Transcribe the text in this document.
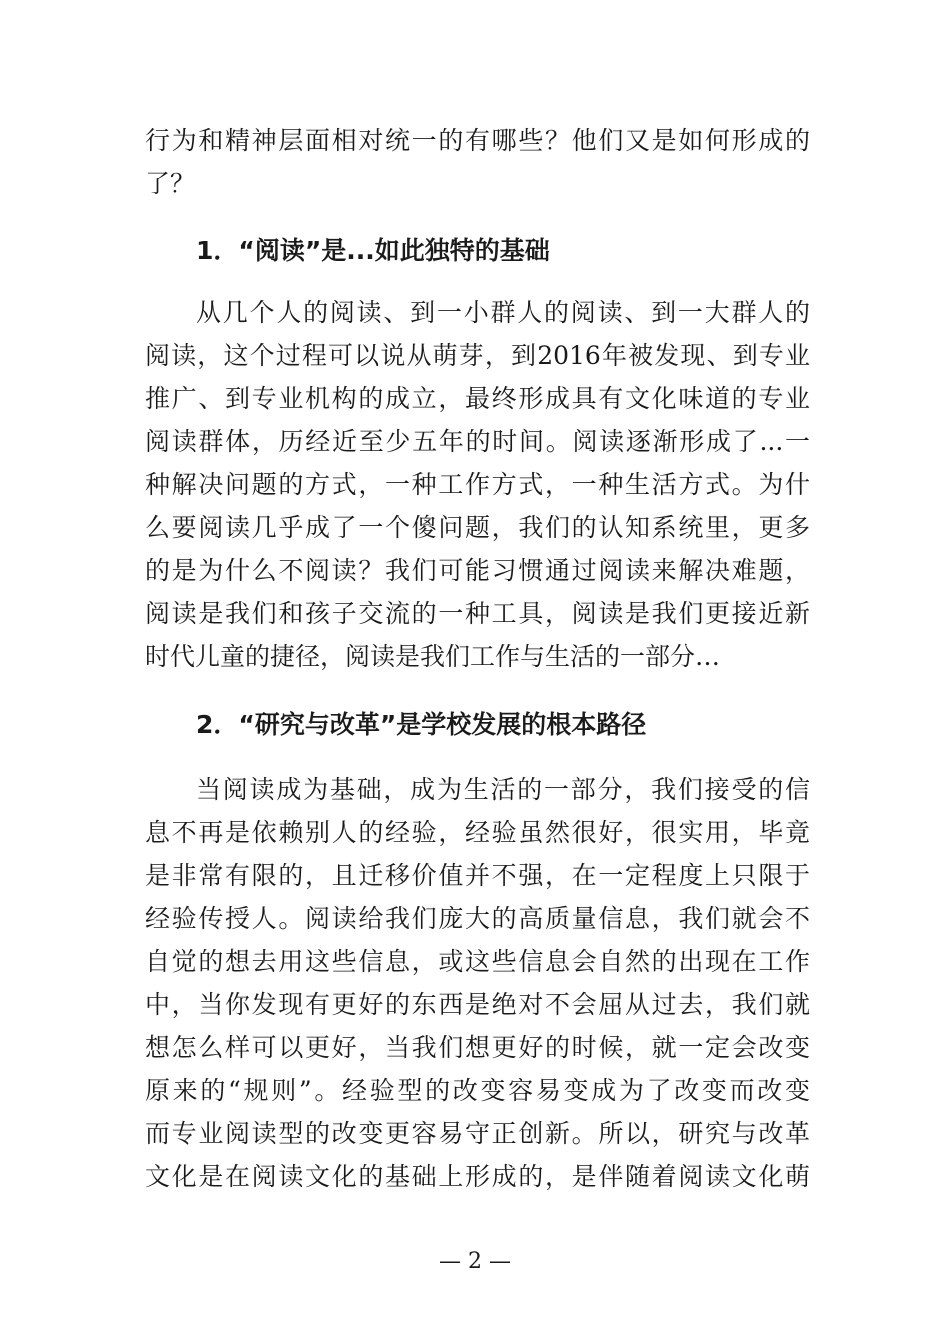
行为和精神层面相对统一的有哪些？他们又是如何形成的
了？
1．“阅读”是...如此独特的基础
从几个人的阅读、到一小群人的阅读、到一大群人的
阅读，这个过程可以说从萌芽，到2016年被发现、到专业
推广、到专业机构的成立，最终形成具有文化味道的专业
阅读群体，历经近至少五年的时间。阅读逐渐形成了...一
种解决问题的方式，一种工作方式，一种生活方式。为什
么要阅读几乎成了一个傻问题，我们的认知系统里，更多
的是为什么不阅读？我们可能习惯通过阅读来解决难题，
阅读是我们和孩子交流的一种工具，阅读是我们更接近新
时代儿童的捷径，阅读是我们工作与生活的一部分…
2．“研究与改革”是学校发展的根本路径
当阅读成为基础，成为生活的一部分，我们接受的信
息不再是依赖别人的经验，经验虽然很好，很实用，毕竟
是非常有限的，且迁移价值并不强，在一定程度上只限于
经验传授人。阅读给我们庞大的高质量信息，我们就会不
自觉的想去用这些信息，或这些信息会自然的出现在工作
中，当你发现有更好的东西是绝对不会屈从过去，我们就
想怎么样可以更好，当我们想更好的时候，就一定会改变
原来的“规则”。经验型的改变容易变成为了改变而改变
而专业阅读型的改变更容易守正创新。所以，研究与改革
文化是在阅读文化的基础上形成的，是伴随着阅读文化萌
— 2 —
